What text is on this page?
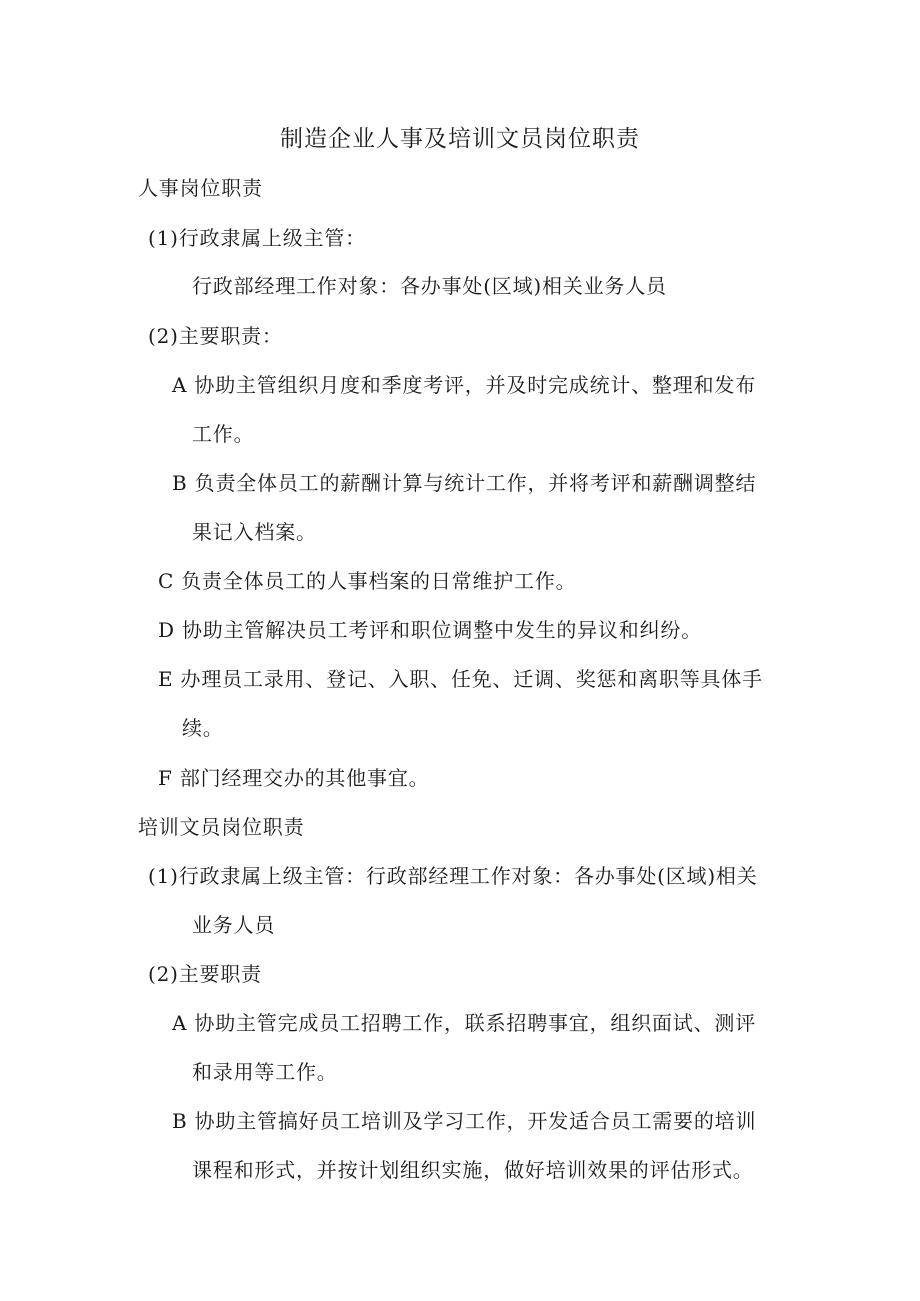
制造企业人事及培训文员岗位职责
人事岗位职责
(1)行政隶属上级主管：
行政部经理工作对象：各办事处(区域)相关业务人员
(2)主要职责：
A 协助主管组织月度和季度考评，并及时完成统计、整理和发布
工作。
B 负责全体员工的薪酬计算与统计工作，并将考评和薪酬调整结
果记入档案。
C 负责全体员工的人事档案的日常维护工作。
D 协助主管解决员工考评和职位调整中发生的异议和纠纷。
E 办理员工录用、登记、入职、任免、迁调、奖惩和离职等具体手
续。
F 部门经理交办的其他事宜。
培训文员岗位职责
(1)行政隶属上级主管：行政部经理工作对象：各办事处(区域)相关
业务人员
(2)主要职责
A 协助主管完成员工招聘工作，联系招聘事宜，组织面试、测评
和录用等工作。
B 协助主管搞好员工培训及学习工作，开发适合员工需要的培训
课程和形式，并按计划组织实施，做好培训效果的评估形式。
